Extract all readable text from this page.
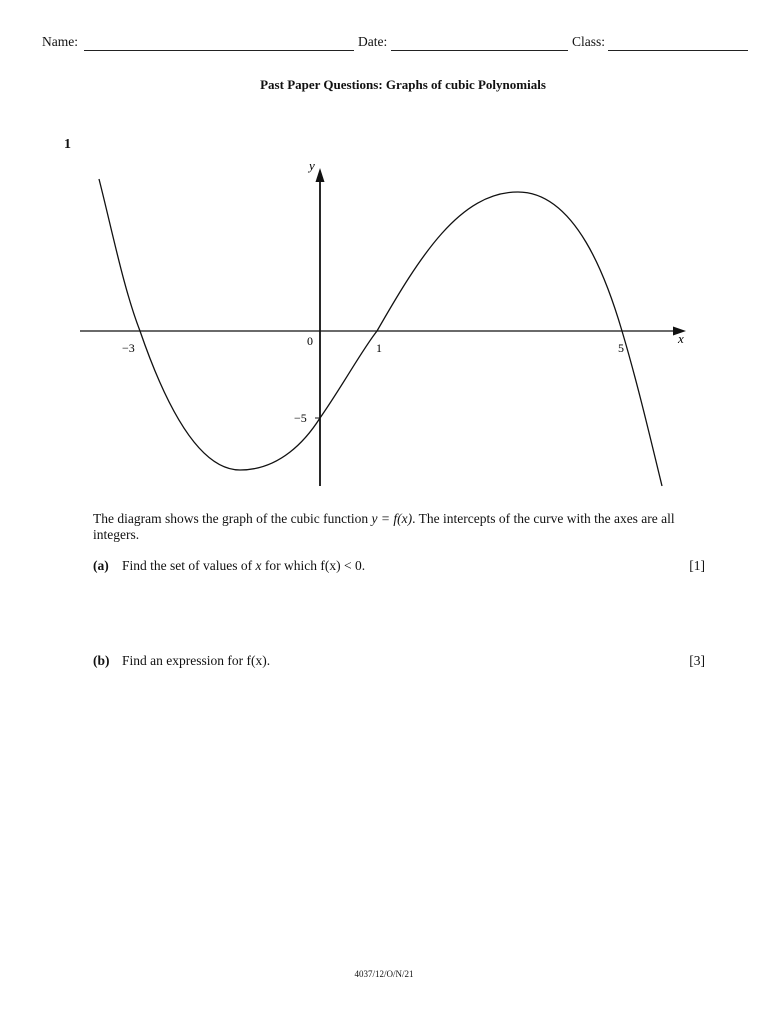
Name:	Date:	Class:
Past Paper Questions: Graphs of cubic Polynomials
1
y
x
0
−3	1	5
−5
The diagram shows the graph of the cubic function y = f(x). The intercepts of the curve with the axes are all integers.
(a) Find the set of values of x for which f(x) < 0.	[1]
(b) Find an expression for f(x).	[3]
4037/12/O/N/21
